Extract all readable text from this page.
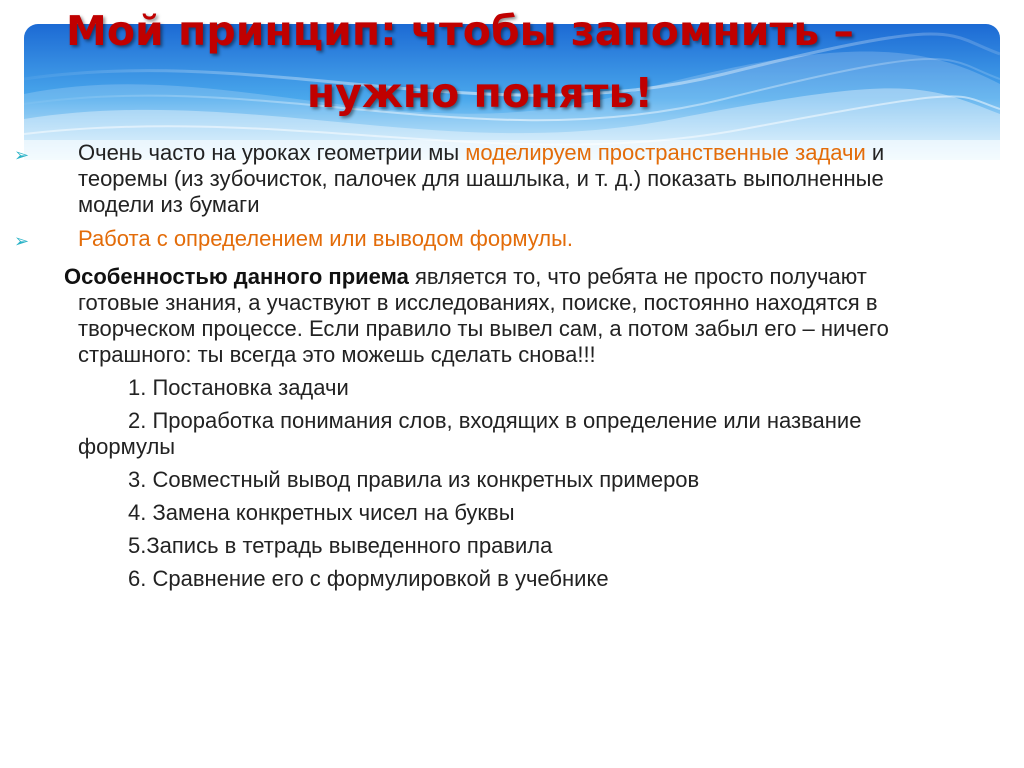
Мой принцип: чтобы запомнить –
нужно понять!
➢	Очень часто на уроках геометрии мы моделируем пространственные задачи и теоремы (из зубочисток, палочек для шашлыка, и т. д.) показать выполненные модели из бумаги
➢	Работа с определением или выводом формулы.
Особенностью данного приема является то, что ребята не просто получают готовые знания, а участвуют в исследованиях, поиске, постоянно находятся в творческом процессе. Если правило ты вывел сам, а потом забыл его – ничего страшного: ты всегда это можешь сделать снова!!!
1. Постановка задачи
2. Проработка понимания слов, входящих в определение или название формулы
3. Совместный вывод правила из конкретных примеров
4. Замена конкретных чисел на буквы
5.Запись в тетрадь выведенного правила
6. Сравнение его с формулировкой в учебнике
